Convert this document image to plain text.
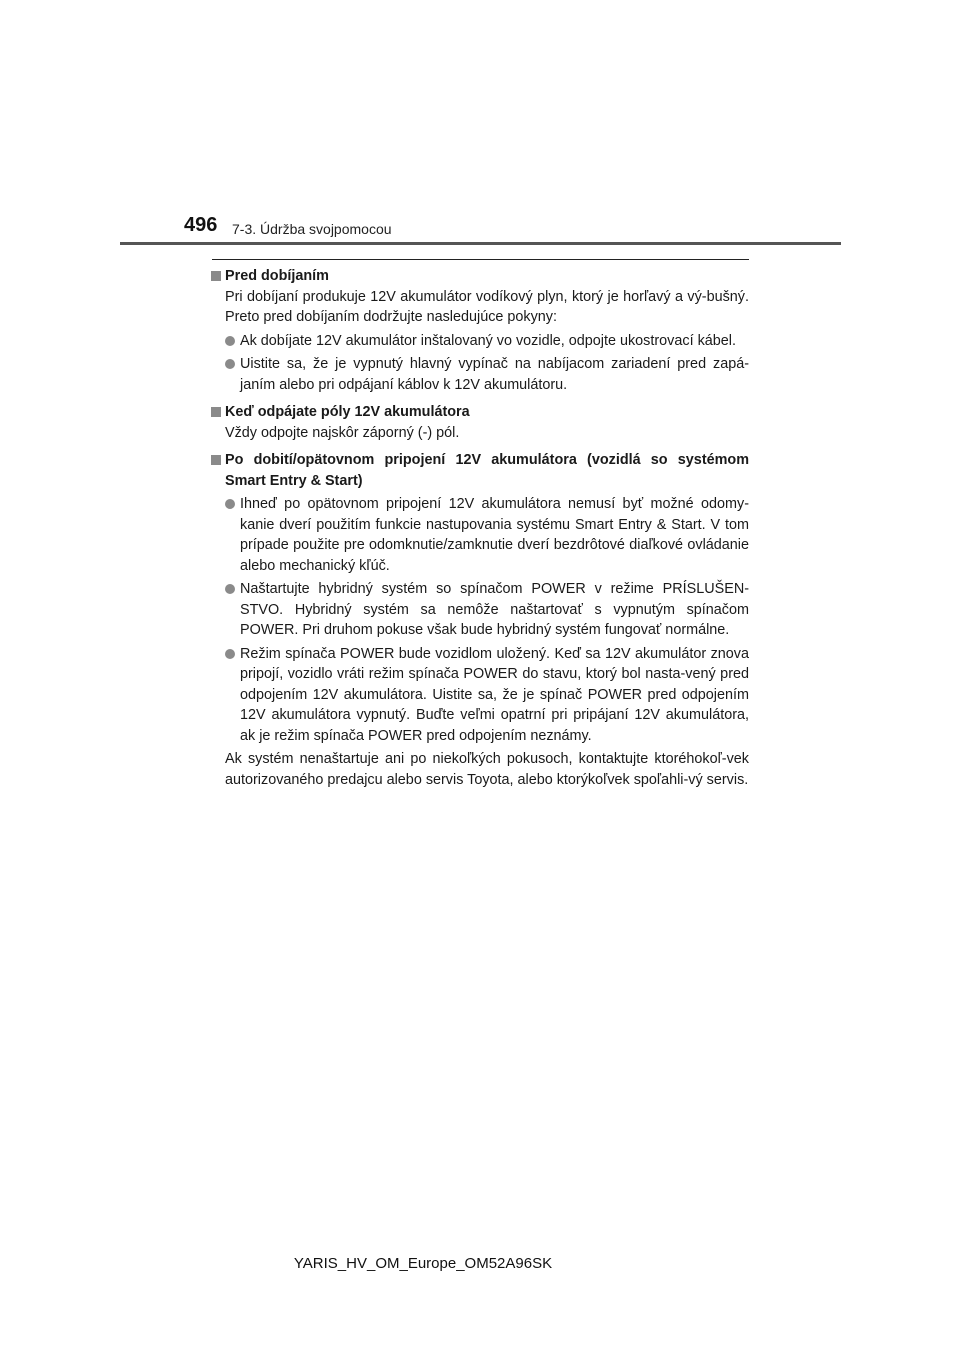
496 7-3. Údržba svojpomocou
Pred dobíjaním
Pri dobíjaní produkuje 12V akumulátor vodíkový plyn, ktorý je horľavý a vý-bušný. Preto pred dobíjaním dodržujte nasledujúce pokyny:
Ak dobíjate 12V akumulátor inštalovaný vo vozidle, odpojte ukostrovací kábel.
Uistite sa, že je vypnutý hlavný vypínač na nabíjacom zariadení pred zapá-janím alebo pri odpájaní káblov k 12V akumulátoru.
Keď odpájate póly 12V akumulátora
Vždy odpojte najskôr záporný (-) pól.
Po dobití/opätovnom pripojení 12V akumulátora (vozidlá so systémom Smart Entry & Start)
Ihneď po opätovnom pripojení 12V akumulátora nemusí byť možné odomy-kanie dverí použitím funkcie nastupovania systému Smart Entry & Start. V tom prípade použite pre odomknutie/zamknutie dverí bezdrôtové diaľkové ovládanie alebo mechanický kľúč.
Naštartujte hybridný systém so spínačom POWER v režime PRÍSLUŠEN-STVO. Hybridný systém sa nemôže naštartovať s vypnutým spínačom POWER. Pri druhom pokuse však bude hybridný systém fungovať normálne.
Režim spínača POWER bude vozidlom uložený. Keď sa 12V akumulátor znova pripojí, vozidlo vráti režim spínača POWER do stavu, ktorý bol nasta-vený pred odpojením 12V akumulátora. Uistite sa, že je spínač POWER pred odpojením 12V akumulátora vypnutý. Buďte veľmi opatrní pri pripájaní 12V akumulátora, ak je režim spínača POWER pred odpojením neznámy.
Ak systém nenaštartuje ani po niekoľkých pokusoch, kontaktujte ktoréhokoľ-vek autorizovaného predajcu alebo servis Toyota, alebo ktorýkoľvek spoľahli-vý servis.
YARIS_HV_OM_Europe_OM52A96SK
